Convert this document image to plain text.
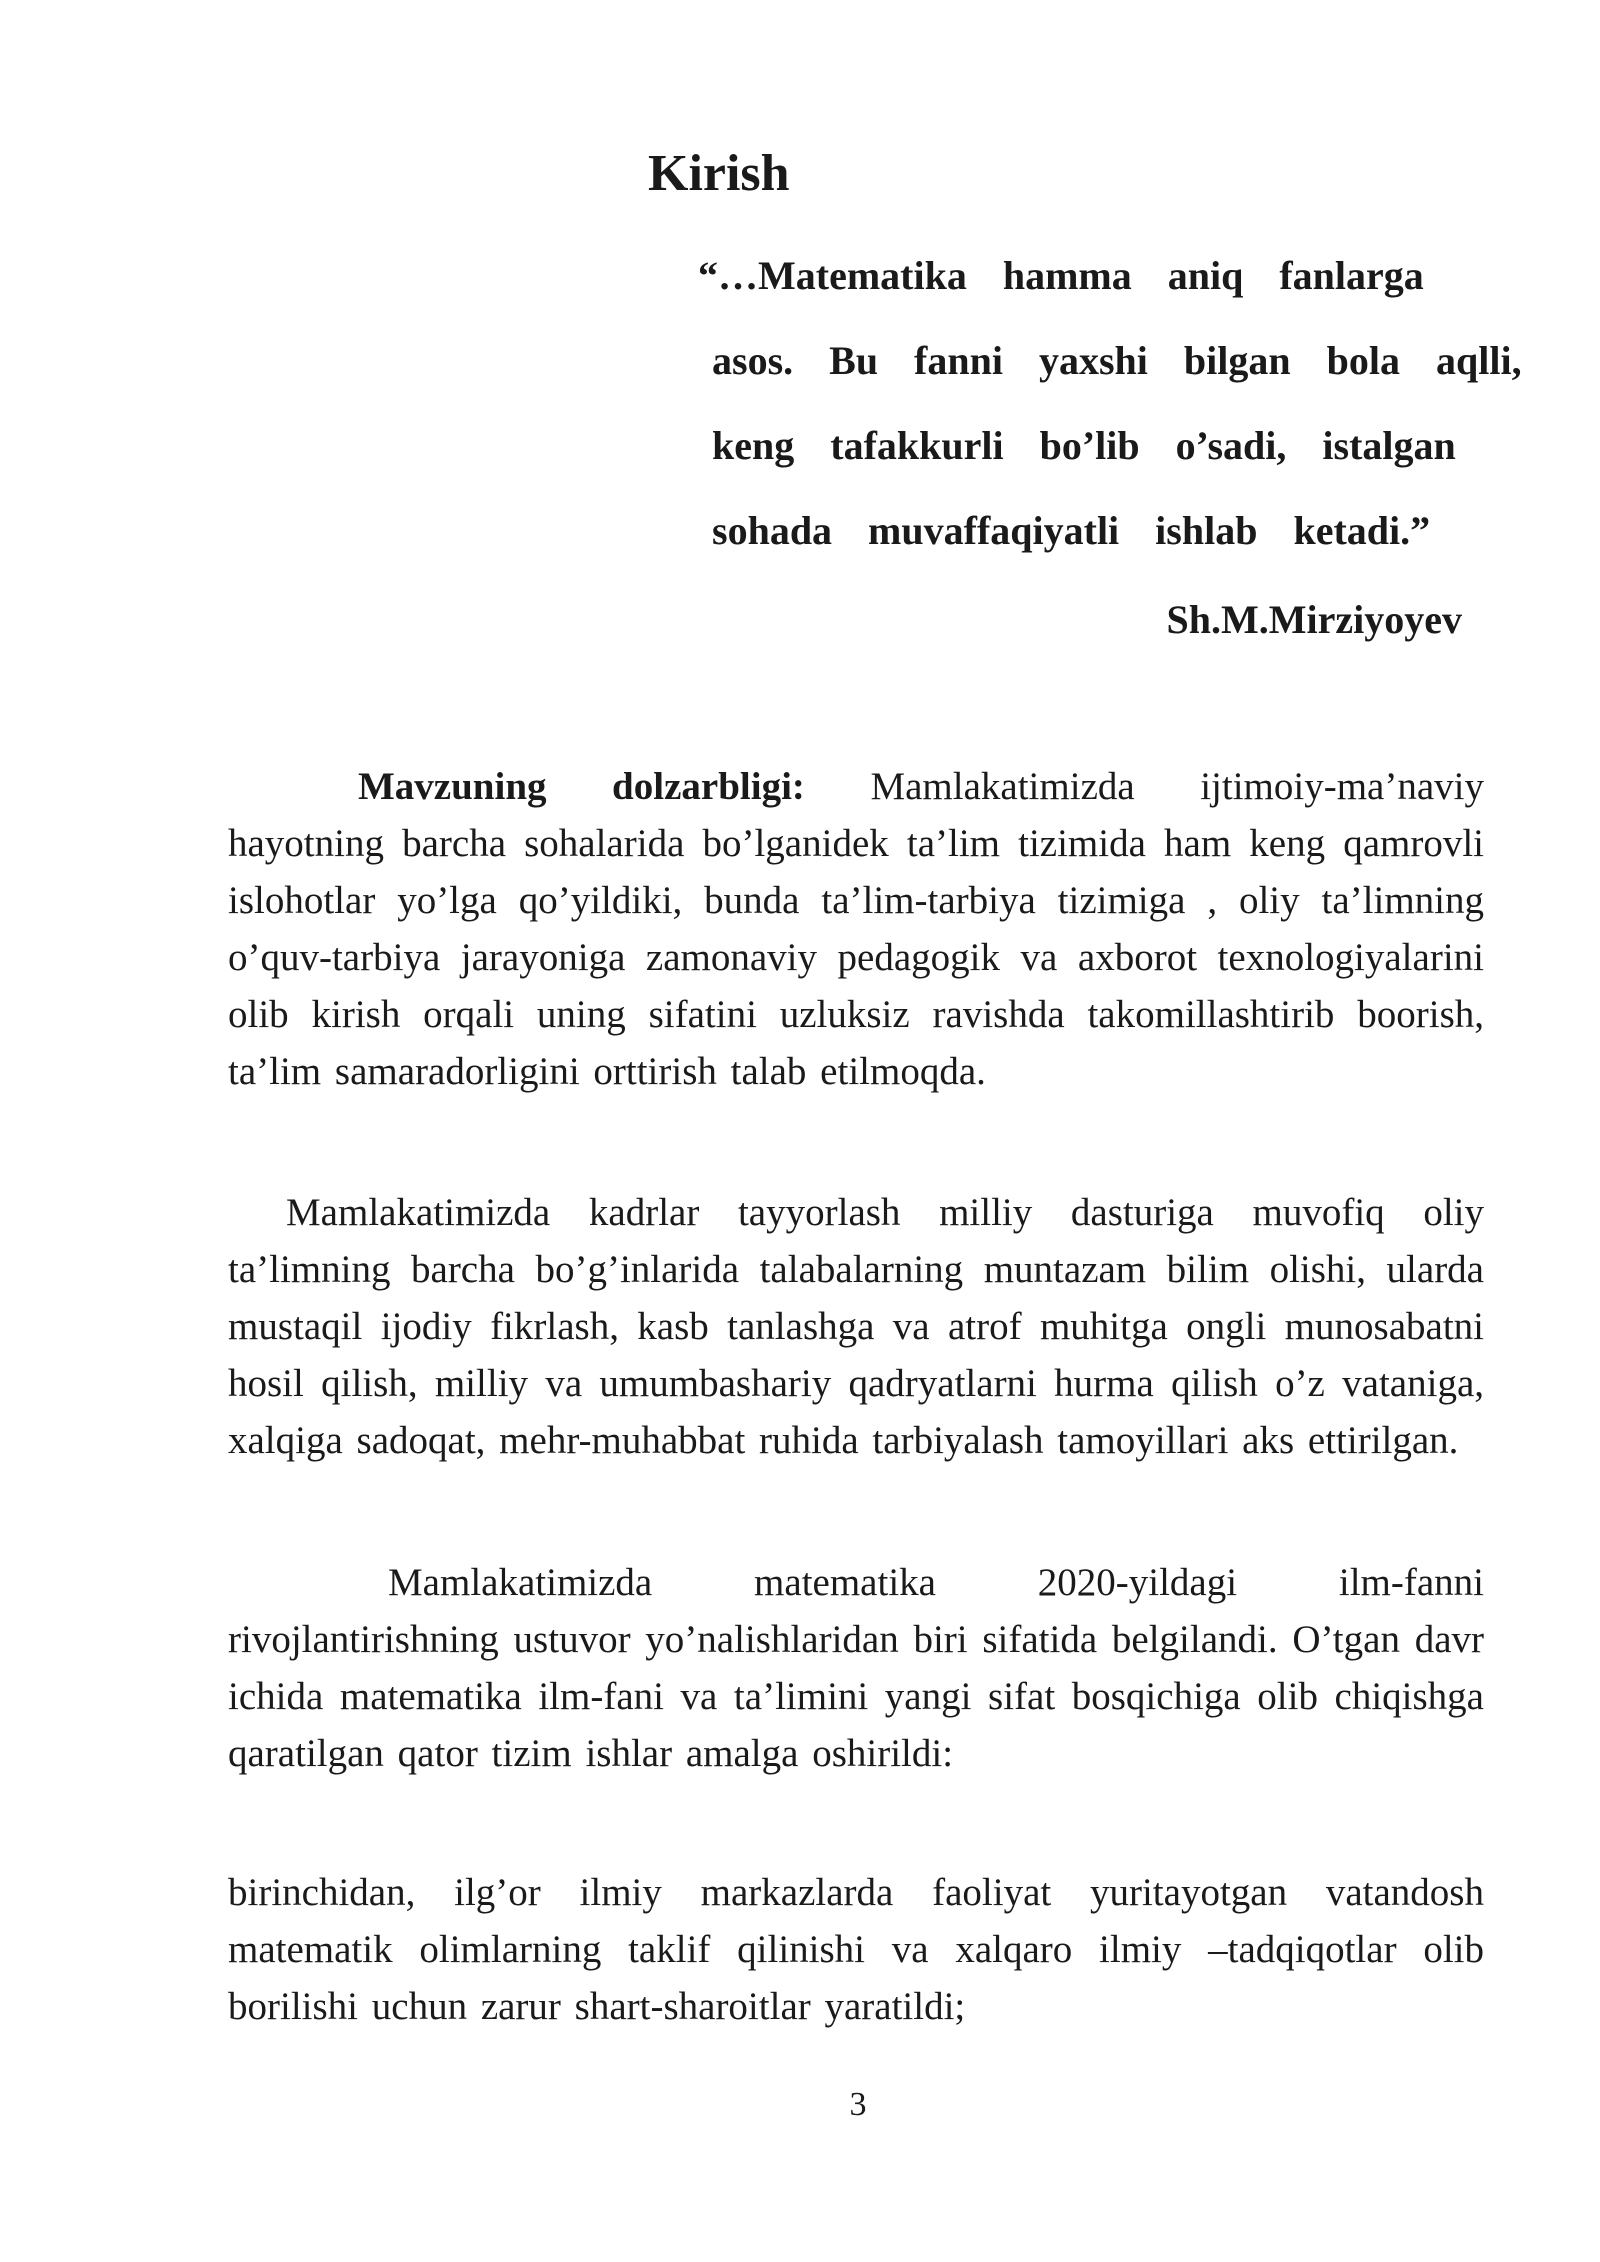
Kirish
“…Matematika  hamma  aniq  fanlarga
asos.  Bu  fanni  yaxshi  bilgan  bola  aqlli,
keng  tafakkurli  bo’lib  o’sadi,  istalgan
sohada  muvaffaqiyatli  ishlab  ketadi.”
Sh.M.Mirziyoyev

Mavzuning dolzarbligi: Mamlakatimizda ijtimoiy-ma’naviy hayotning barcha sohalarida bo’lganidek ta’lim tizimida ham keng qamrovli islohotlar yo’lga qo’yildiki, bunda ta’lim-tarbiya tizimiga , oliy ta’limning o’quv-tarbiya jarayoniga zamonaviy pedagogik va axborot texnologiyalarini olib kirish orqali uning sifatini uzluksiz ravishda takomillashtirib boorish, ta’lim samaradorligini orttirish talab etilmoqda.

Mamlakatimizda kadrlar tayyorlash milliy dasturiga muvofiq oliy ta’limning barcha bo’g’inlarida talabalarning muntazam bilim olishi, ularda mustaqil ijodiy fikrlash, kasb tanlashga va atrof muhitga ongli munosabatni hosil qilish, milliy va umumbashariy qadryatlarni hurma qilish o’z vataniga, xalqiga sadoqat, mehr-muhabbat ruhida tarbiyalash tamoyillari aks ettirilgan.

Mamlakatimizda matematika 2020-yildagi ilm-fanni rivojlantirishning ustuvor yo’nalishlaridan biri sifatida belgilandi. O’tgan davr ichida matematika ilm-fani va ta’limini yangi sifat bosqichiga olib chiqishga qaratilgan qator tizim ishlar amalga oshirildi:

birinchidan, ilg’or ilmiy markazlarda faoliyat yuritayotgan vatandosh matematik olimlarning taklif qilinishi va xalqaro ilmiy –tadqiqotlar olib borilishi uchun zarur shart-sharoitlar yaratildi;

3
